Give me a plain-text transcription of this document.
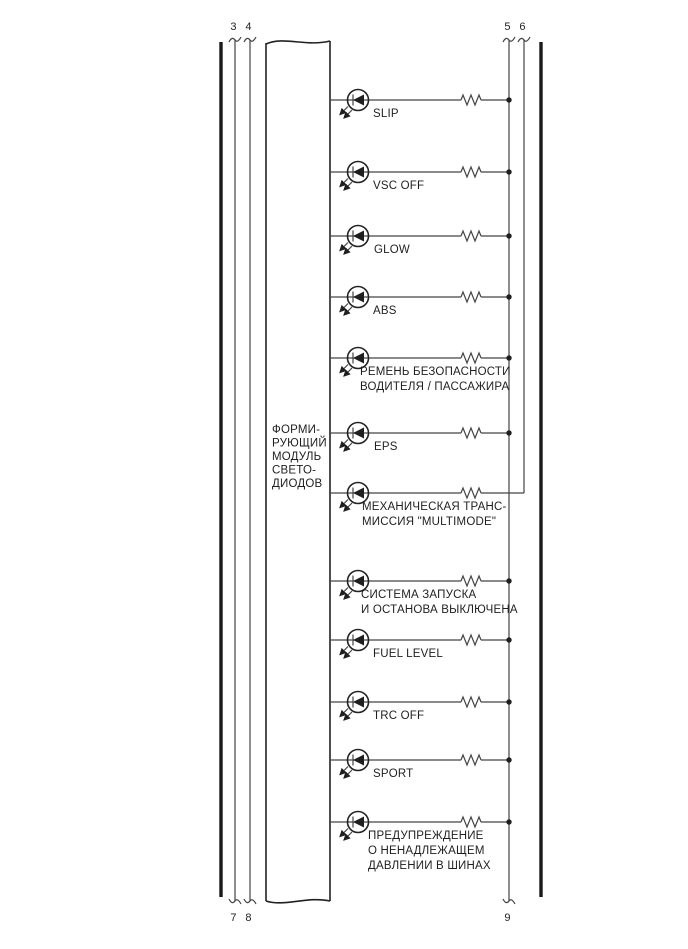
3
7
4
8
5
9
6
ФОРМИ-
РУЮЩИЙ
МОДУЛЬ
СВЕТО-
ДИОДОВ
SLIP
VSC OFF
GLOW
ABS
РЕМЕНЬ БЕЗОПАСНОСТИ
ВОДИТЕЛЯ / ПАССАЖИРА
EPS
МЕХАНИЧЕСКАЯ ТРАНС-
МИССИЯ "MULTIMODE"
СИСТЕМА ЗАПУСКА
И ОСТАНОВА ВЫКЛЮЧЕНА
FUEL LEVEL
TRC OFF
SPORT
ПРЕДУПРЕЖДЕНИЕ
О НЕНАДЛЕЖАЩЕМ
ДАВЛЕНИИ В ШИНАХ
